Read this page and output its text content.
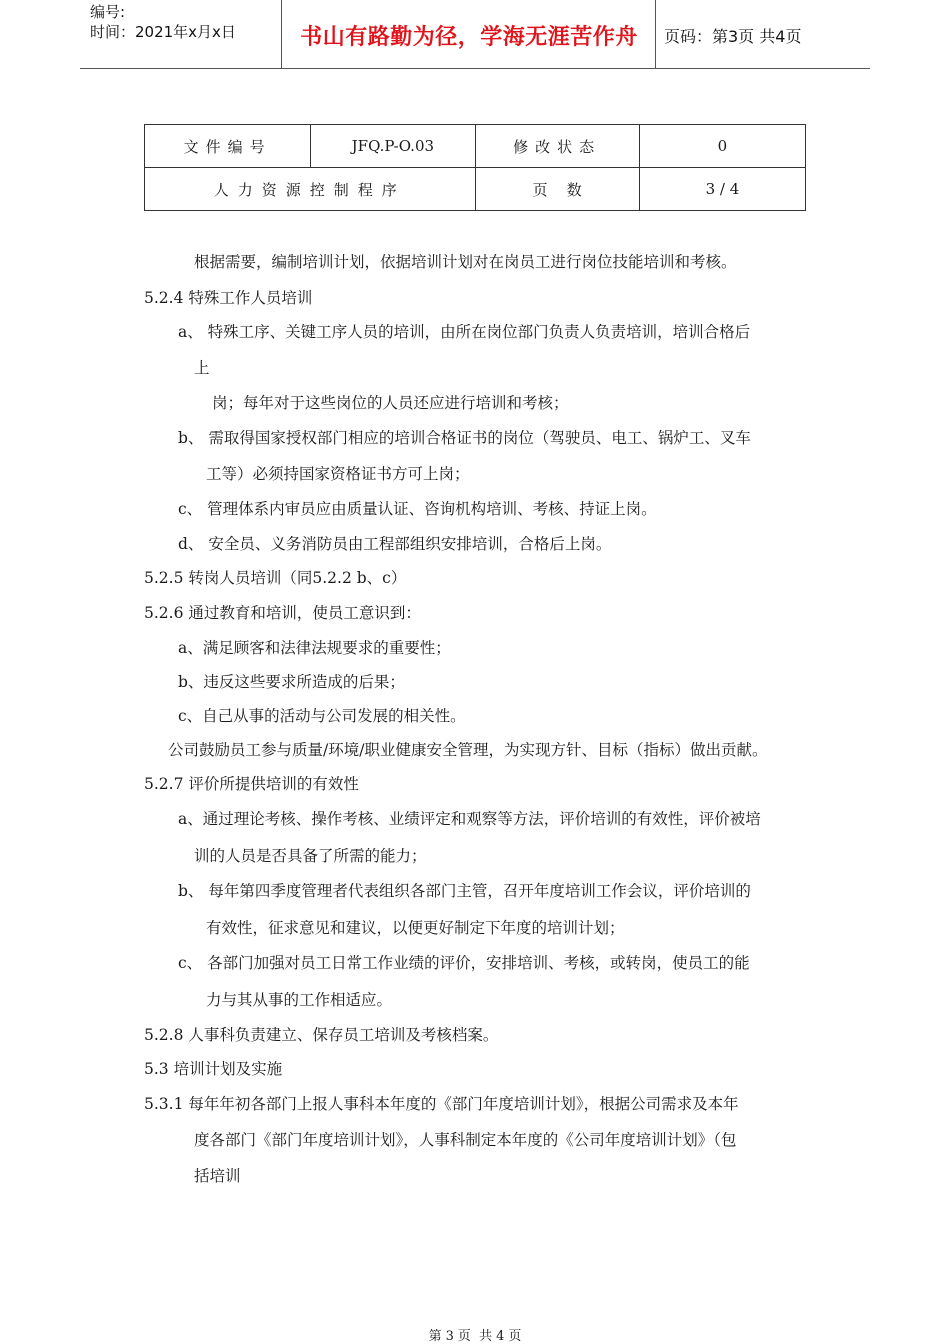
编号:
时间：2021年x月x日	书山有路勤为径，学海无涯苦作舟	页码：第3页 共4页
文件编号	JFQ.P-O.03	修改状态	0
人力资源控制程序		页    数	3 / 4
根据需要，编制培训计划，依据培训计划对在岗员工进行岗位技能培训和考核。
5.2.4 特殊工作人员培训
a、 特殊工序、关键工序人员的培训，由所在岗位部门负责人负责培训，培训合格后
上
岗；每年对于这些岗位的人员还应进行培训和考核；
b、 需取得国家授权部门相应的培训合格证书的岗位（驾驶员、电工、锅炉工、叉车
工等）必须持国家资格证书方可上岗；
c、 管理体系内审员应由质量认证、咨询机构培训、考核、持证上岗。
d、 安全员、义务消防员由工程部组织安排培训，合格后上岗。
5.2.5 转岗人员培训（同5.2.2 b、c）
5.2.6 通过教育和培训，使员工意识到：
a、满足顾客和法律法规要求的重要性；
b、违反这些要求所造成的后果；
c、自己从事的活动与公司发展的相关性。
公司鼓励员工参与质量/环境/职业健康安全管理，为实现方针、目标（指标）做出贡献。
5.2.7 评价所提供培训的有效性
a、通过理论考核、操作考核、业绩评定和观察等方法，评价培训的有效性，评价被培
训的人员是否具备了所需的能力；
b、 每年第四季度管理者代表组织各部门主管，召开年度培训工作会议，评价培训的
有效性，征求意见和建议，以便更好制定下年度的培训计划；
c、 各部门加强对员工日常工作业绩的评价，安排培训、考核，或转岗，使员工的能
力与其从事的工作相适应。
5.2.8 人事科负责建立、保存员工培训及考核档案。
5.3 培训计划及实施
5.3.1 每年年初各部门上报人事科本年度的《部门年度培训计划》，根据公司需求及本年
度各部门《部门年度培训计划》，人事科制定本年度的《公司年度培训计划》（包
括培训
第 3 页  共 4 页
